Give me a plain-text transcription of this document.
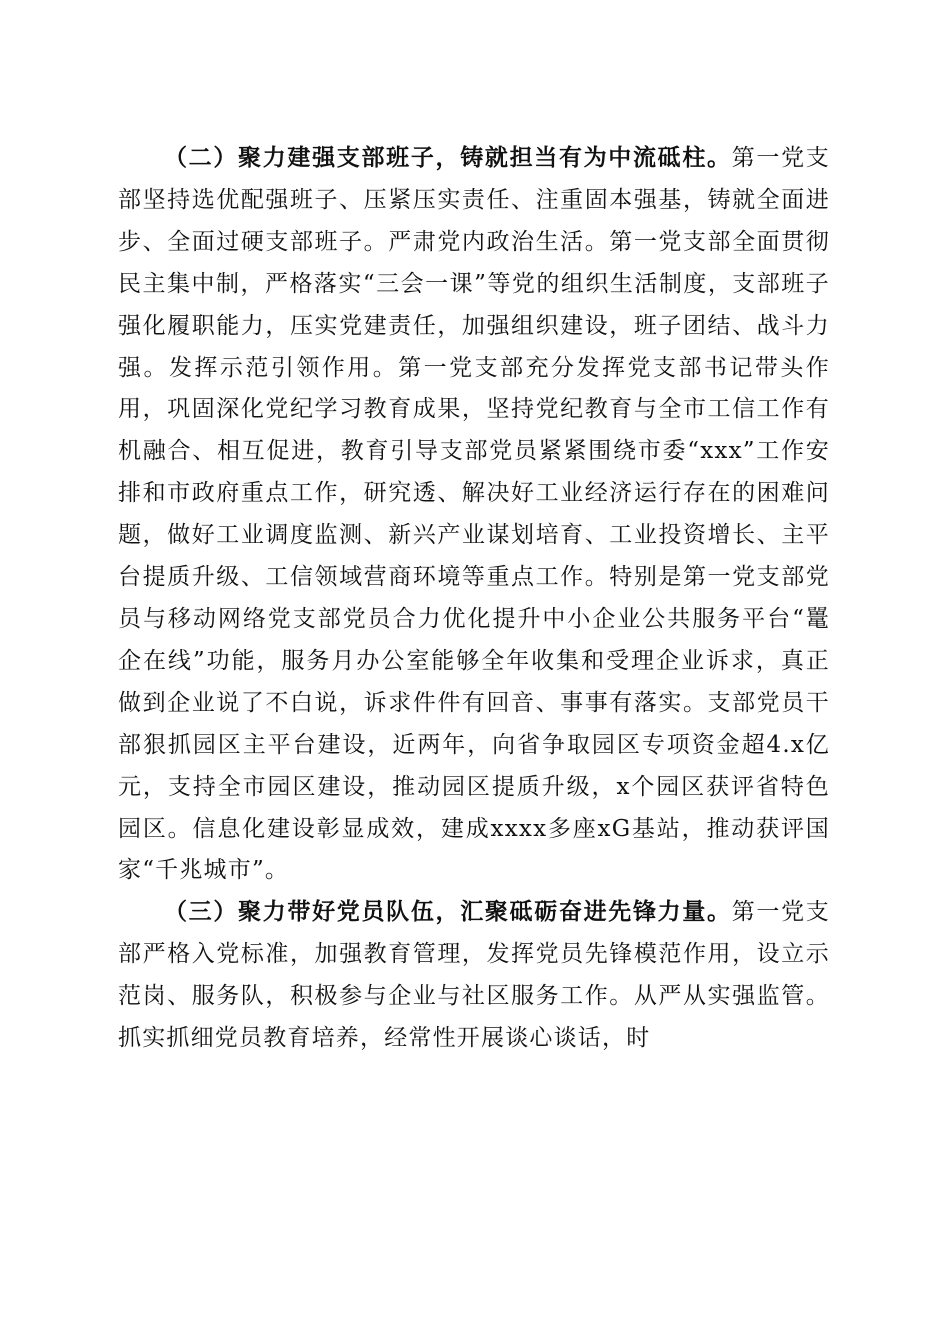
（二）聚力建强支部班子，铸就担当有为中流砥柱。第一党支部坚持选优配强班子、压紧压实责任、注重固本强基，铸就全面进步、全面过硬支部班子。严肃党内政治生活。第一党支部全面贯彻民主集中制，严格落实“三会一课”等党的组织生活制度，支部班子强化履职能力，压实党建责任，加强组织建设，班子团结、战斗力强。发挥示范引领作用。第一党支部充分发挥党支部书记带头作用，巩固深化党纪学习教育成果，坚持党纪教育与全市工信工作有机融合、相互促进，教育引导支部党员紧紧围绕市委“xxx”工作安排和市政府重点工作，研究透、解决好工业经济运行存在的困难问题，做好工业调度监测、新兴产业谋划培育、工业投资增长、主平台提质升级、工信领域营商环境等重点工作。特别是第一党支部党员与移动网络党支部党员合力优化提升中小企业公共服务平台“鼍企在线”功能，服务月办公室能够全年收集和受理企业诉求，真正做到企业说了不白说，诉求件件有回音、事事有落实。支部党员干部狠抓园区主平台建设，近两年，向省争取园区专项资金超4.x亿元，支持全市园区建设，推动园区提质升级，x个园区获评省特色园区。信息化建设彰显成效，建成xxxx多座xG基站，推动获评国家“千兆城市”。

（三）聚力带好党员队伍，汇聚砥砺奋进先锋力量。第一党支部严格入党标准，加强教育管理，发挥党员先锋模范作用，设立示范岗、服务队，积极参与企业与社区服务工作。从严从实强监管。抓实抓细党员教育培养，经常性开展谈心谈话，时
